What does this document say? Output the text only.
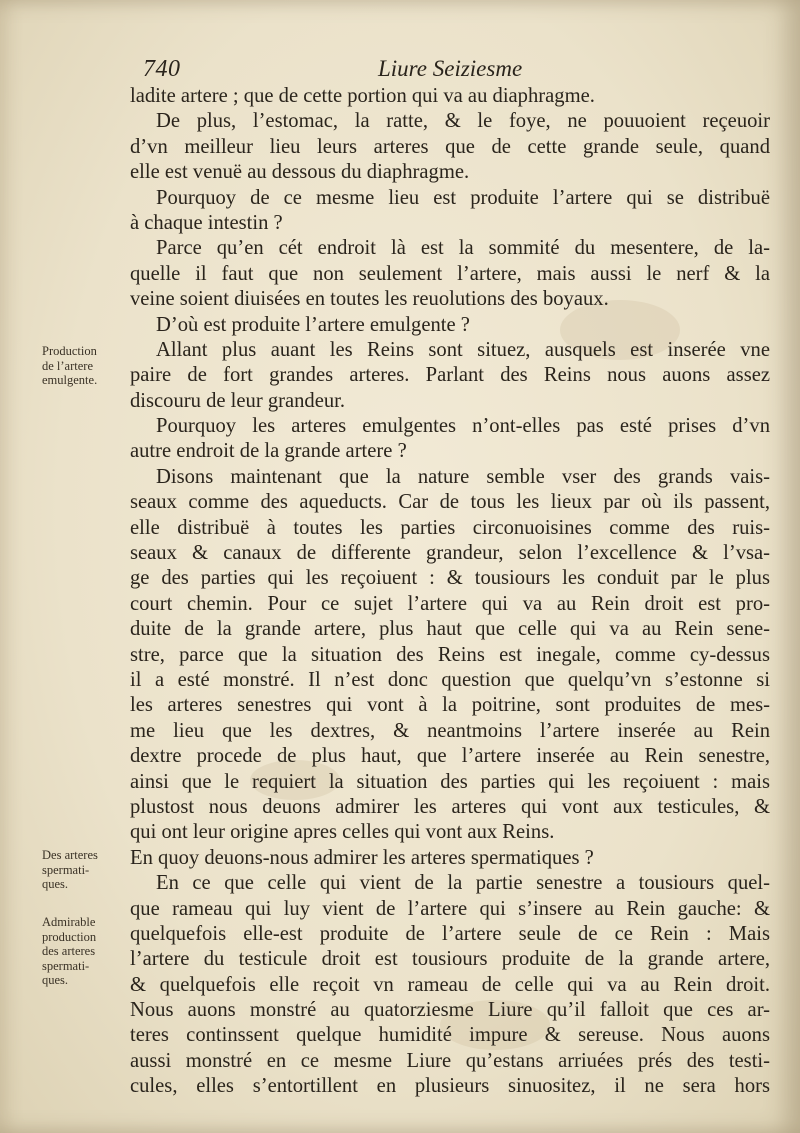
740	Liure Seiziesme
ladite artere ; que de cette portion qui va au diaphragme.
De plus, l’estomac, la ratte, & le foye, ne pouuoient reçeuoir
d’vn meilleur lieu leurs arteres que de cette grande seule, quand
elle est venuë au dessous du diaphragme.
Pourquoy de ce mesme lieu est produite l’artere qui se distribuë
à chaque intestin ?
Parce qu’en cét endroit là est la sommité du mesentere, de la-
quelle il faut que non seulement l’artere, mais aussi le nerf & la
veine soient diuisées en toutes les reuolutions des boyaux.
D’où est produite l’artere emulgente ?
Allant plus auant les Reins sont situez, ausquels est inserée vne
paire de fort grandes arteres. Parlant des Reins nous auons assez
discouru de leur grandeur.
Pourquoy les arteres emulgentes n’ont-elles pas esté prises d’vn
autre endroit de la grande artere ?
Disons maintenant que la nature semble vser des grands vais-
seaux comme des aqueducts. Car de tous les lieux par où ils passent,
elle distribuë à toutes les parties circonuoisines comme des ruis-
seaux & canaux de differente grandeur, selon l’excellence & l’vsa-
ge des parties qui les reçoiuent : & tousiours les conduit par le plus
court chemin. Pour ce sujet l’artere qui va au Rein droit est pro-
duite de la grande artere, plus haut que celle qui va au Rein sene-
stre, parce que la situation des Reins est inegale, comme cy-dessus
il a esté monstré. Il n’est donc question que quelqu’vn s’estonne si
les arteres senestres qui vont à la poitrine, sont produites de mes-
me lieu que les dextres, & neantmoins l’artere inserée au Rein
dextre procede de plus haut, que l’artere inserée au Rein senestre,
ainsi que le requiert la situation des parties qui les reçoiuent : mais
plustost nous deuons admirer les arteres qui vont aux testicules, &
qui ont leur origine apres celles qui vont aux Reins.
En quoy deuons-nous admirer les arteres spermatiques ?
En ce que celle qui vient de la partie senestre a tousiours quel-
que rameau qui luy vient de l’artere qui s’insere au Rein gauche: &
quelquefois elle-est produite de l’artere seule de ce Rein : Mais
l’artere du testicule droit est tousiours produite de la grande artere,
& quelquefois elle reçoit vn rameau de celle qui va au Rein droit.
Nous auons monstré au quatorziesme Liure qu’il falloit que ces ar-
teres continssent quelque humidité impure & sereuse. Nous auons
aussi monstré en ce mesme Liure qu’estans arriuées prés des testi-
cules, elles s’entortillent en plusieurs sinuositez, il ne sera hors
Production
de l’artere
emulgente.
Des arteres
spermati-
ques.
Admirable
production
des arteres
spermati-
ques.
